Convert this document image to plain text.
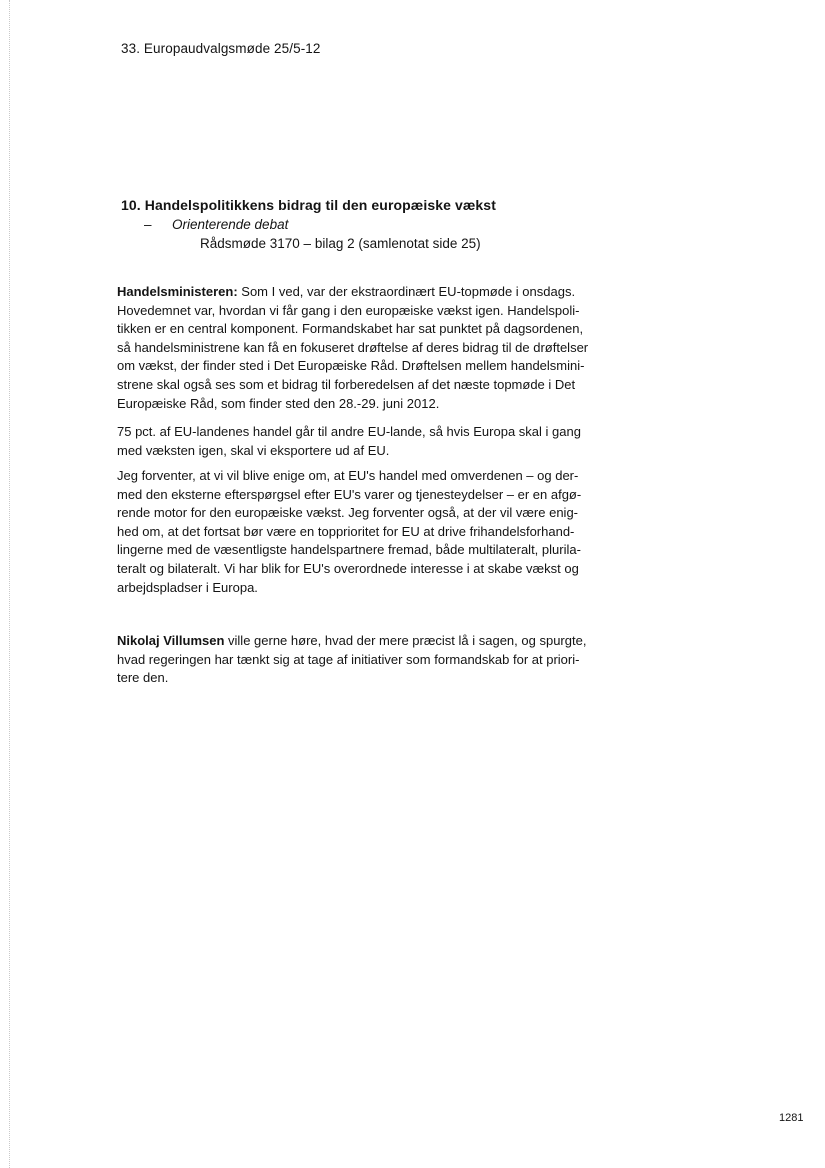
33. Europaudvalgsmøde 25/5-12
10. Handelspolitikkens bidrag til den europæiske vækst
– Orienterende debat
Rådsmøde 3170 – bilag 2 (samlenotat side 25)
Handelsministeren: Som I ved, var der ekstraordinært EU-topmøde i onsdags.
Hovedemnet var, hvordan vi får gang i den europæiske vækst igen. Handelspoli-
tikken er en central komponent. Formandskabet har sat punktet på dagsordenen,
så handelsministrene kan få en fokuseret drøftelse af deres bidrag til de drøftelser
om vækst, der finder sted i Det Europæiske Råd. Drøftelsen mellem handelsmini-
strene skal også ses som et bidrag til forberedelsen af det næste topmøde i Det
Europæiske Råd, som finder sted den 28.-29. juni 2012.
75 pct. af EU-landenes handel går til andre EU-lande, så hvis Europa skal i gang
med væksten igen, skal vi eksportere ud af EU.
Jeg forventer, at vi vil blive enige om, at EU's handel med omverdenen – og der-
med den eksterne efterspørgsel efter EU's varer og tjenesteydelser – er en afgø-
rende motor for den europæiske vækst. Jeg forventer også, at der vil være enig-
hed om, at det fortsat bør være en topprioritet for EU at drive frihandelsforhand-
lingerne med de væsentligste handelspartnere fremad, både multilateralt, plurila-
teralt og bilateralt. Vi har blik for EU's overordnede interesse i at skabe vækst og
arbejdspladser i Europa.
Nikolaj Villumsen ville gerne høre, hvad der mere præcist lå i sagen, og spurgte,
hvad regeringen har tænkt sig at tage af initiativer som formandskab for at priori-
tere den.
1281
